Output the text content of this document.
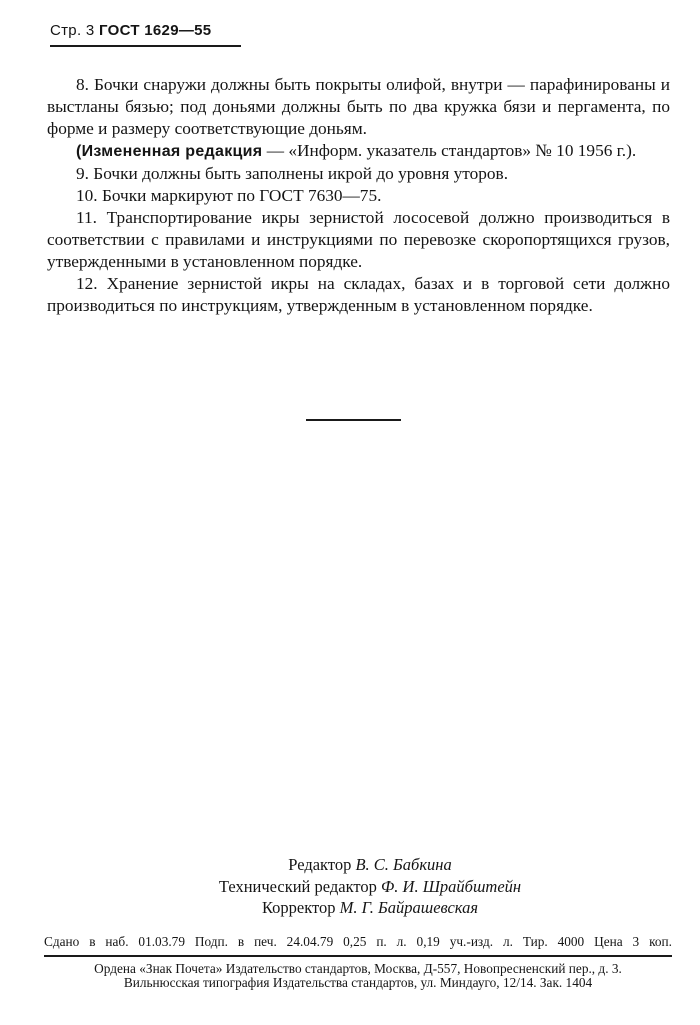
Стр. 3 ГОСТ 1629—55

8. Бочки снаружи должны быть покрыты олифой, внутри — парафинированы и выстланы бязью; под доньями должны быть по два кружка бязи и пергамента, по форме и размеру соответствующие доньям.

(Измененная редакция — «Информ. указатель стандартов» № 10 1956 г.).

9. Бочки должны быть заполнены икрой до уровня уторов.

10. Бочки маркируют по ГОСТ 7630—75.

11. Транспортирование икры зернистой лососевой должно производиться в соответствии с правилами и инструкциями по перевозке скоропортящихся грузов, утвержденными в установленном порядке.

12. Хранение зернистой икры на складах, базах и в торговой сети должно производиться по инструкциям, утвержденным в установленном порядке.

Редактор В. С. Бабкина
Технический редактор Ф. И. Шрайбштейн
Корректор М. Г. Байрашевская
Сдано в наб. 01.03.79 Подп. в печ. 24.04.79 0,25 п. л. 0,19 уч.-изд. л. Тир. 4000 Цена 3 коп.
Ордена «Знак Почета» Издательство стандартов, Москва, Д-557, Новопресненский пер., д. 3.
Вильнюсская типография Издательства стандартов, ул. Миндауго, 12/14. Зак. 1404
